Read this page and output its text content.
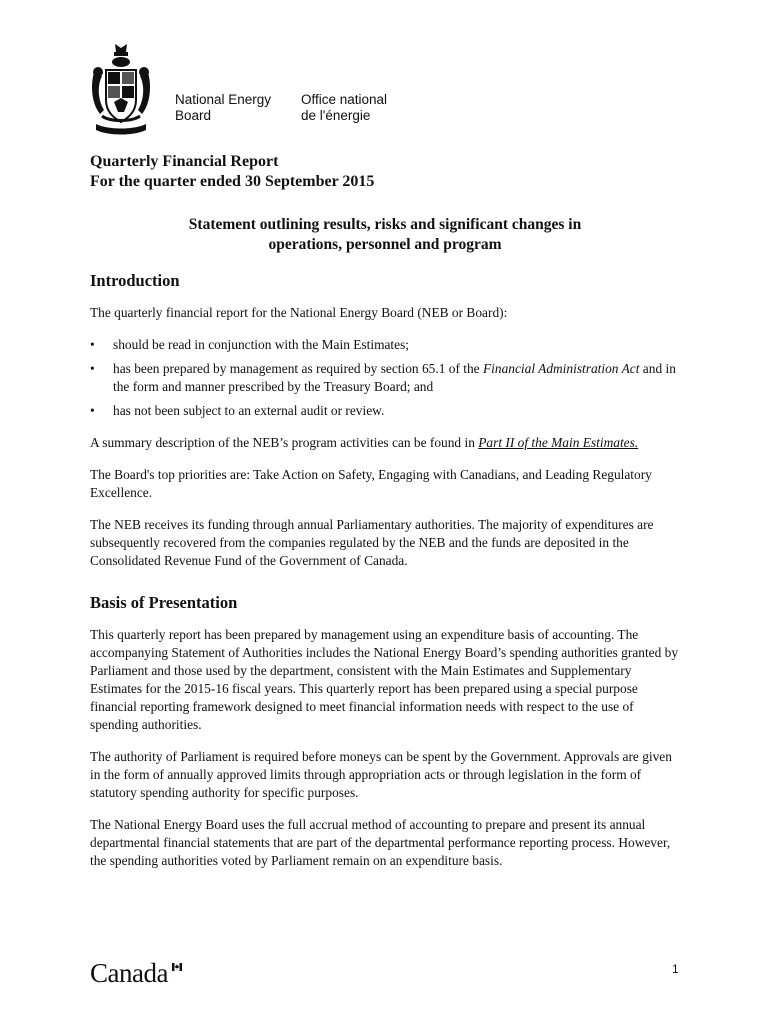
National Energy
Board
Office national
de l'énergie
Quarterly Financial Report
For the quarter ended 30 September 2015
Statement outlining results, risks and significant changes in
operations, personnel and program
Introduction

The quarterly financial report for the National Energy Board (NEB or Board):

• should be read in conjunction with the Main Estimates;
• has been prepared by management as required by section 65.1 of the Financial Administration Act and in the form and manner prescribed by the Treasury Board; and
• has not been subject to an external audit or review.

A summary description of the NEB’s program activities can be found in Part II of the Main Estimates.

The Board's top priorities are: Take Action on Safety, Engaging with Canadians, and Leading Regulatory Excellence.

The NEB receives its funding through annual Parliamentary authorities. The majority of expenditures are subsequently recovered from the companies regulated by the NEB and the funds are deposited in the Consolidated Revenue Fund of the Government of Canada.

Basis of Presentation

This quarterly report has been prepared by management using an expenditure basis of accounting. The accompanying Statement of Authorities includes the National Energy Board’s spending authorities granted by Parliament and those used by the department, consistent with the Main Estimates and Supplementary Estimates for the 2015-16 fiscal years. This quarterly report has been prepared using a special purpose financial reporting framework designed to meet financial information needs with respect to the use of spending authorities.

The authority of Parliament is required before moneys can be spent by the Government. Approvals are given in the form of annually approved limits through appropriation acts or through legislation in the form of statutory spending authority for specific purposes.

The National Energy Board uses the full accrual method of accounting to prepare and present its annual departmental financial statements that are part of the departmental performance reporting process. However, the spending authorities voted by Parliament remain on an expenditure basis.

Canada	1
